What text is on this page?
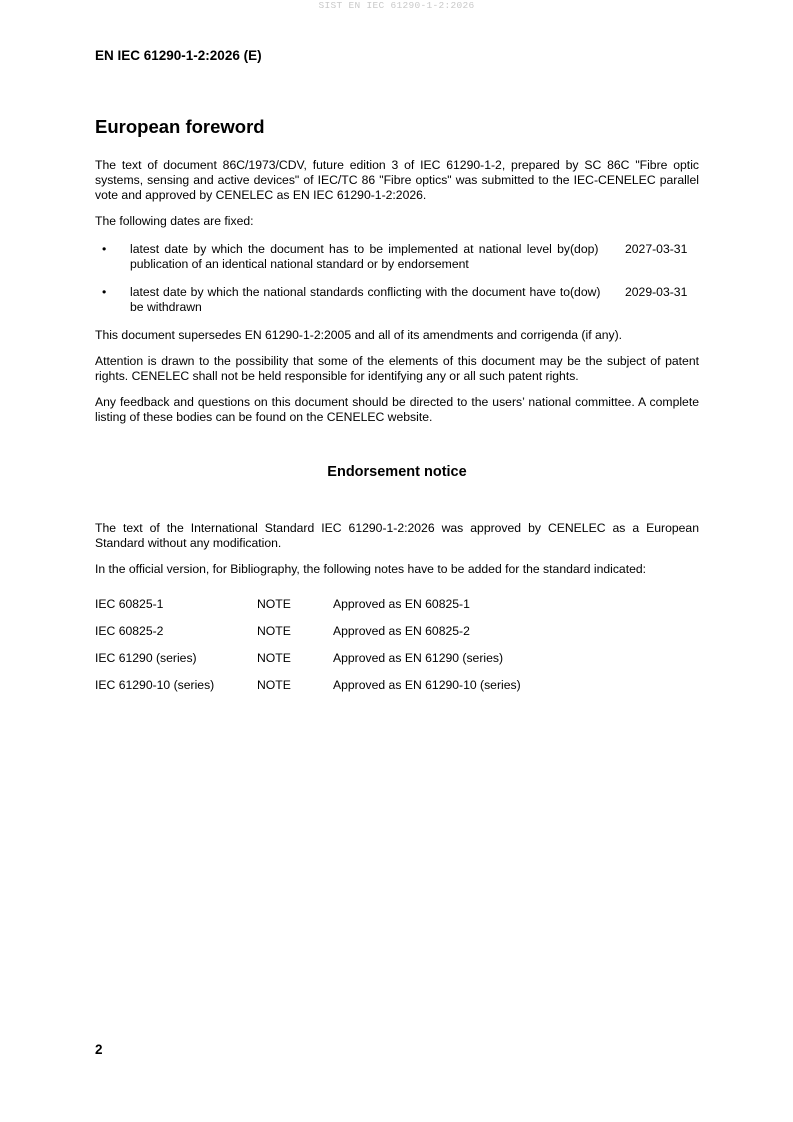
SIST EN IEC 61290-1-2:2026
EN IEC 61290-1-2:2026 (E)
European foreword

The text of document 86C/1973/CDV, future edition 3 of IEC 61290-1-2, prepared by SC 86C "Fibre optic systems, sensing and active devices" of IEC/TC 86 "Fibre optics" was submitted to the IEC-CENELEC parallel vote and approved by CENELEC as EN IEC 61290-1-2:2026.

The following dates are fixed:

•	latest date by which the document has to be implemented at national level by publication of an identical national standard or by endorsement
(dop)	2027-03-31
•	latest date by which the national standards conflicting with the document have to be withdrawn
(dow)	2029-03-31

This document supersedes EN 61290-1-2:2005 and all of its amendments and corrigenda (if any).

Attention is drawn to the possibility that some of the elements of this document may be the subject of patent rights. CENELEC shall not be held responsible for identifying any or all such patent rights.

Any feedback and questions on this document should be directed to the users’ national committee. A complete listing of these bodies can be found on the CENELEC website.

Endorsement notice

The text of the International Standard IEC 61290-1-2:2026 was approved by CENELEC as a European Standard without any modification.

In the official version, for Bibliography, the following notes have to be added for the standard indicated:

IEC 60825-1	NOTE	Approved as EN 60825-1
IEC 60825-2	NOTE	Approved as EN 60825-2
IEC 61290 (series)	NOTE	Approved as EN 61290 (series)
IEC 61290-10 (series)	NOTE	Approved as EN 61290-10 (series)
2
